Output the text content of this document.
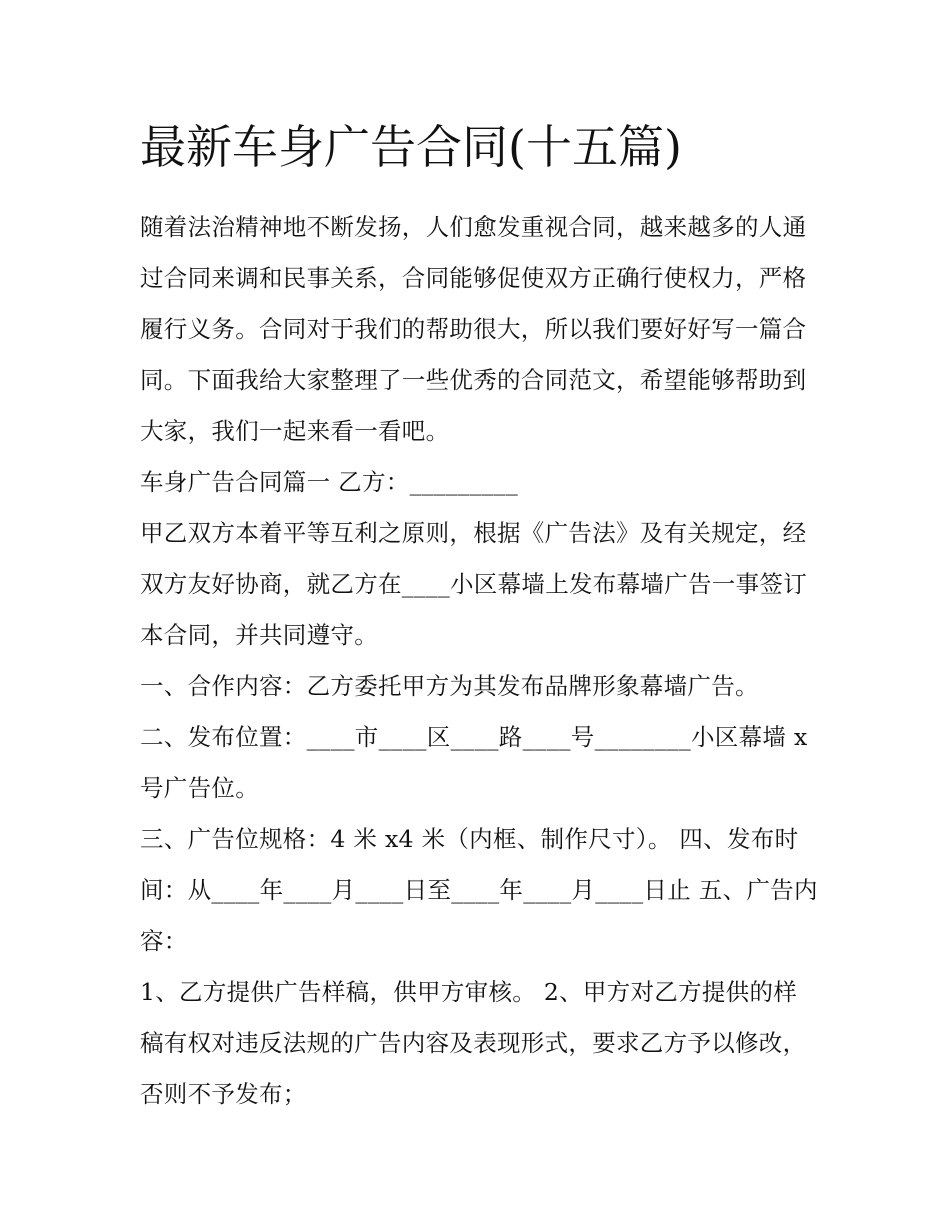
最新车身广告合同(十五篇)

随着法治精神地不断发扬，人们愈发重视合同，越来越多的人通过合同来调和民事关系，合同能够促使双方正确行使权力，严格履行义务。合同对于我们的帮助很大，所以我们要好好写一篇合同。下面我给大家整理了一些优秀的合同范文，希望能够帮助到大家，我们一起来看一看吧。

车身广告合同篇一 乙方：_________

甲乙双方本着平等互利之原则，根据《广告法》及有关规定，经双方友好协商，就乙方在____小区幕墙上发布幕墙广告一事签订本合同，并共同遵守。

一、合作内容：乙方委托甲方为其发布品牌形象幕墙广告。

二、发布位置：____市____区____路____号________小区幕墙 x号广告位。

三、广告位规格：4 米 x4 米（内框、制作尺寸）。 四、发布时间：从____年____月____日至____年____月____日止 五、广告内容：

1、乙方提供广告样稿，供甲方审核。 2、甲方对乙方提供的样稿有权对违反法规的广告内容及表现形式，要求乙方予以修改，否则不予发布；
